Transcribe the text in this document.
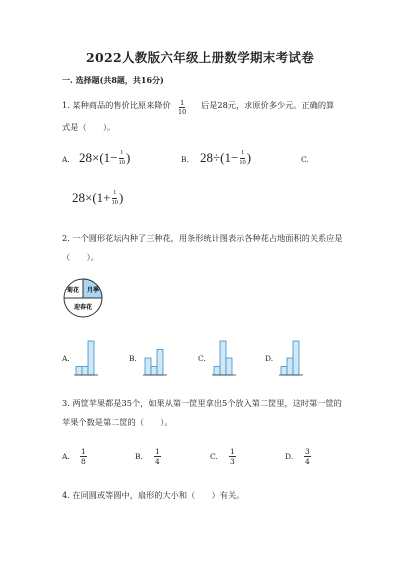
2022人教版六年级上册数学期末考试卷
一. 选择题(共8题，共16分)
1. 某种商品的售价比原来降价 $\frac{1}{10}$ 后是28元，求原价多少元。正确的算
式是（　　）。
A. $28\times(1- \frac{1}{10}$ )	B. $28\div(1- \frac{1}{10}$ )	C.
$28\times(1+ \frac{1}{10}$ )
2. 一个圆形花坛内种了三种花，用条形统计图表示各种花占地面积的关系应是
（　　）。
菊花 月季
迎春花
A.	B.	C.	D.
3. 两筐苹果都是35个，如果从第一筐里拿出5个放入第二筐里，这时第一筐的
苹果个数是第二筐的（　　）。
A. $\frac{1}{8}$	B. $\frac{1}{4}$	C. $\frac{1}{3}$	D. $\frac{3}{4}$
4. 在同圆或等圆中，扇形的大小和（　　）有关。
